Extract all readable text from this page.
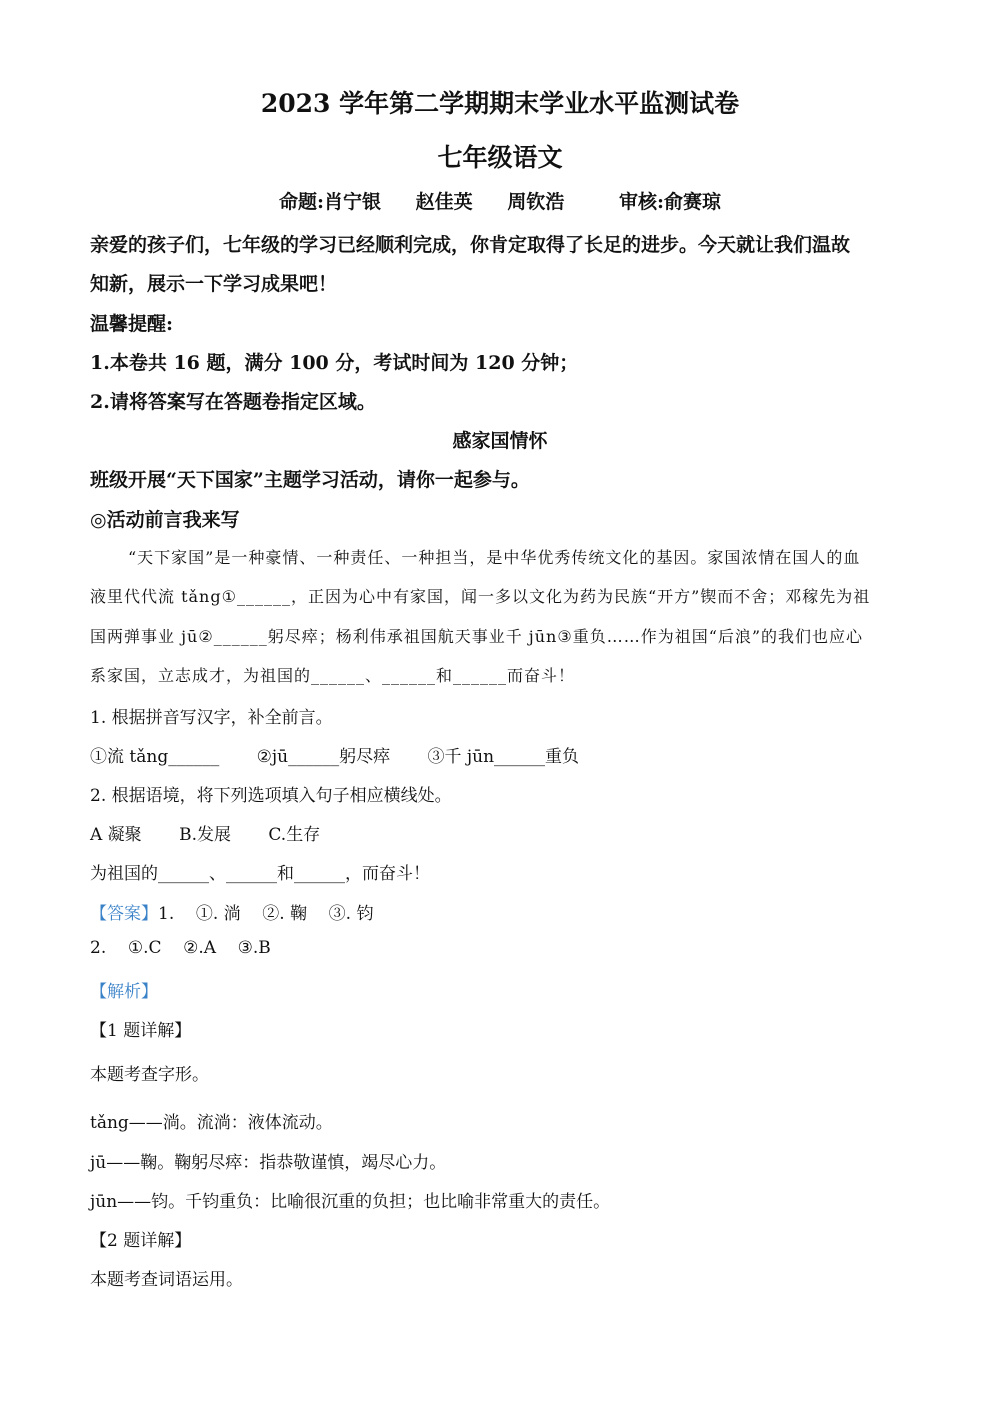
2023 学年第二学期期末学业水平监测试卷
七年级语文
命题:肖宁银 赵佳英 周钦浩	审核:俞赛琼
亲爱的孩子们，七年级的学习已经顺利完成，你肯定取得了长足的进步。今天就让我们温故
知新，展示一下学习成果吧！
温馨提醒:
1.本卷共 16 题，满分 100 分，考试时间为 120 分钟；
2.请将答案写在答题卷指定区域。
感家国情怀
班级开展“天下国家”主题学习活动，请你一起参与。
◎活动前言我来写
“天下家国”是一种豪情、一种责任、一种担当，是中华优秀传统文化的基因。家国浓情在国人的血
液里代代流 tǎng①______，正因为心中有家国，闻一多以文化为药为民族“开方”锲而不舍；邓稼先为祖
国两弹事业 jū②______躬尽瘁；杨利伟承祖国航天事业千 jūn③重负……作为祖国“后浪”的我们也应心
系家国，立志成才，为祖国的______、______和______而奋斗！
1. 根据拼音写汉字，补全前言。
①流 tǎng______ ②jū______躬尽瘁 ③千 jūn______重负
2. 根据语境，将下列选项填入句子相应横线处。
A 凝聚 B.发展 C.生存
为祖国的______、______和______，而奋斗！
【答案】1.    ①. 淌    ②. 鞠    ③. 钧
2.    ①.C    ②.A    ③.B
【解析】
【1 题详解】
本题考查字形。
tǎng——淌。流淌：液体流动。
jū——鞠。鞠躬尽瘁：指恭敬谨慎，竭尽心力。
jūn——钧。千钧重负：比喻很沉重的负担；也比喻非常重大的责任。
【2 题详解】
本题考查词语运用。
